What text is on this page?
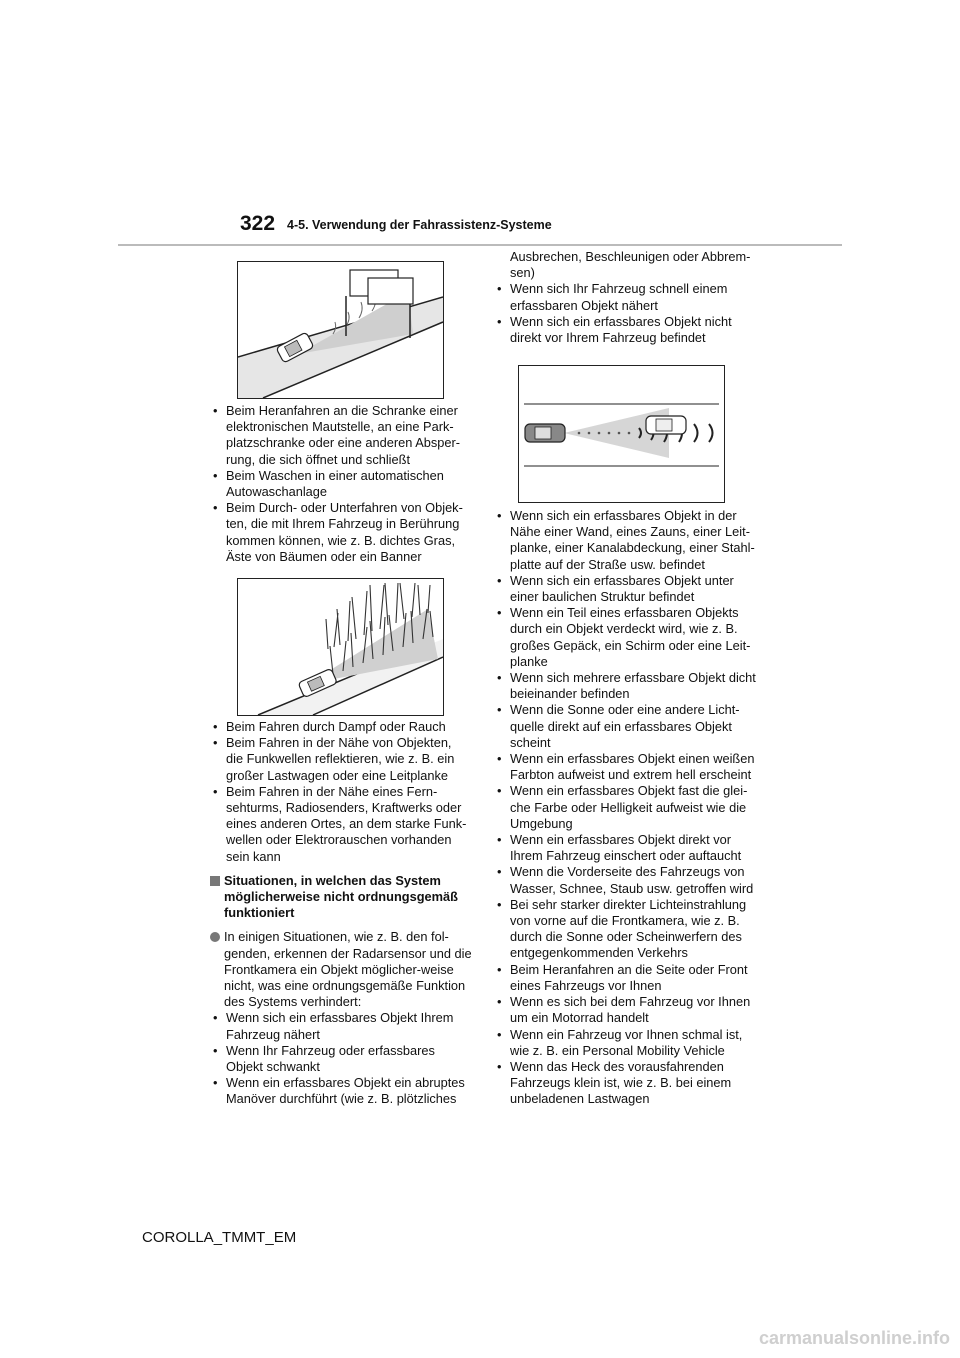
322 4-5. Verwendung der Fahrassistenz-Systeme
• Beim Heranfahren an die Schranke einer elektronischen Mautstelle, an eine Park-platzschranke oder eine anderen Absper-rung, die sich öffnet und schließt
• Beim Waschen in einer automatischen Autowaschanlage
• Beim Durch- oder Unterfahren von Objek-ten, die mit Ihrem Fahrzeug in Berührung kommen können, wie z. B. dichtes Gras, Äste von Bäumen oder ein Banner
• Beim Fahren durch Dampf oder Rauch
• Beim Fahren in der Nähe von Objekten, die Funkwellen reflektieren, wie z. B. ein großer Lastwagen oder eine Leitplanke
• Beim Fahren in der Nähe eines Fern-sehturms, Radiosenders, Kraftwerks oder eines anderen Ortes, an dem starke Funk-wellen oder Elektrorauschen vorhanden sein kann
Situationen, in welchen das System möglicherweise nicht ordnungsgemäß funktioniert
In einigen Situationen, wie z. B. den fol-genden, erkennen der Radarsensor und die Frontkamera ein Objekt möglicher-weise nicht, was eine ordnungsgemäße Funktion des Systems verhindert:
• Wenn sich ein erfassbares Objekt Ihrem Fahrzeug nähert
• Wenn Ihr Fahrzeug oder erfassbares Objekt schwankt
• Wenn ein erfassbares Objekt ein abruptes Manöver durchführt (wie z. B. plötzliches
Ausbrechen, Beschleunigen oder Abbrem-sen)
• Wenn sich Ihr Fahrzeug schnell einem erfassbaren Objekt nähert
• Wenn sich ein erfassbares Objekt nicht direkt vor Ihrem Fahrzeug befindet
• Wenn sich ein erfassbares Objekt in der Nähe einer Wand, eines Zauns, einer Leit-planke, einer Kanalabdeckung, einer Stahl-platte auf der Straße usw. befindet
• Wenn sich ein erfassbares Objekt unter einer baulichen Struktur befindet
• Wenn ein Teil eines erfassbaren Objekts durch ein Objekt verdeckt wird, wie z. B. großes Gepäck, ein Schirm oder eine Leit-planke
• Wenn sich mehrere erfassbare Objekt dicht beieinander befinden
• Wenn die Sonne oder eine andere Licht-quelle direkt auf ein erfassbares Objekt scheint
• Wenn ein erfassbares Objekt einen weißen Farbton aufweist und extrem hell erscheint
• Wenn ein erfassbares Objekt fast die glei-che Farbe oder Helligkeit aufweist wie die Umgebung
• Wenn ein erfassbares Objekt direkt vor Ihrem Fahrzeug einschert oder auftaucht
• Wenn die Vorderseite des Fahrzeugs von Wasser, Schnee, Staub usw. getroffen wird
• Bei sehr starker direkter Lichteinstrahlung von vorne auf die Frontkamera, wie z. B. durch die Sonne oder Scheinwerfern des entgegenkommenden Verkehrs
• Beim Heranfahren an die Seite oder Front eines Fahrzeugs vor Ihnen
• Wenn es sich bei dem Fahrzeug vor Ihnen um ein Motorrad handelt
• Wenn ein Fahrzeug vor Ihnen schmal ist, wie z. B. ein Personal Mobility Vehicle
• Wenn das Heck des vorausfahrenden Fahrzeugs klein ist, wie z. B. bei einem unbeladenen Lastwagen
COROLLA_TMMT_EM
carmanualsonline.info
